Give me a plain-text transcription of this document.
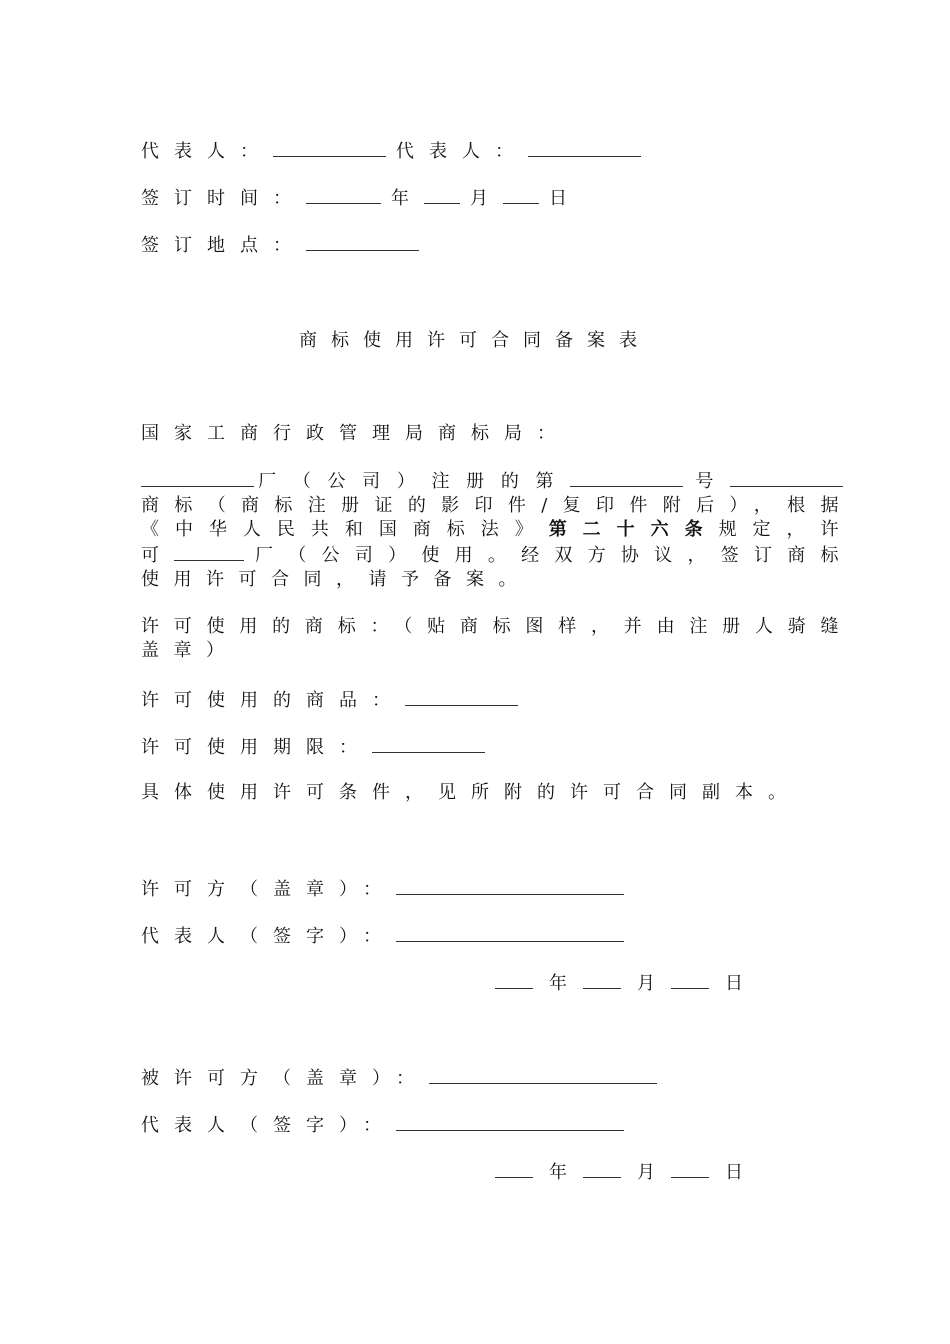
代表人：	代表人：
签订时间：	年	月	日
签订地点：
商标使用许可合同备案表
国家工商行政管理局商标局：
厂（公司）注册的第	号商标（商标注册证的影印件/复印件附后），根据《中华人民共和国商标法》第二十六条规定，许可	厂（公司）使用。经双方协议，签订商标使用许可合同，请予备案。
许可使用的商标：（贴商标图样，并由注册人骑缝盖章）
许可使用的商品：
许可使用期限：
具体使用许可条件，见所附的许可合同副本。
许可方（盖章）：
代表人（签字）：
年	月	日
被许可方（盖章）：
代表人（签字）：
年	月	日
